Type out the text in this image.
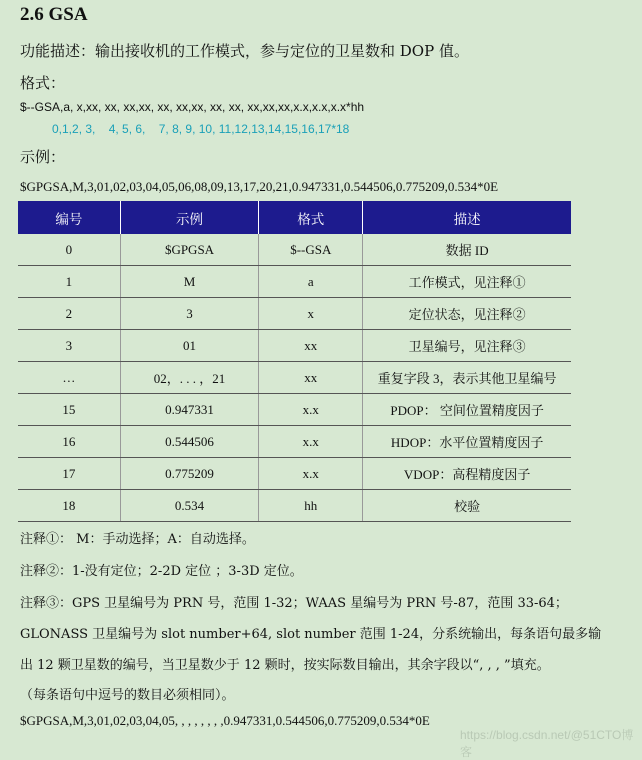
2.6 GSA
功能描述：输出接收机的工作模式，参与定位的卫星数和 DOP 值。
格式：
$--GSA,a, x,xx, xx, xx,xx, xx, xx,xx, xx, xx, xx,xx,xx,x.x,x.x,x.x*hh
0,1,2, 3,    4, 5, 6,    7, 8, 9, 10, 11,12,13,14,15,16,17*18
示例：
$GPGSA,M,3,01,02,03,04,05,06,08,09,13,17,20,21,0.947331,0.544506,0.775209,0.534*0E
编号	示例	格式	描述
0	$GPGSA	$--GSA	数据 ID
1	M	a	工作模式，见注释①
2	3	x	定位状态，见注释②
3	01	xx	卫星编号，见注释③
…	02，. . . ，21	xx	重复字段 3，表示其他卫星编号
15	0.947331	x.x	PDOP： 空间位置精度因子
16	0.544506	x.x	HDOP：水平位置精度因子
17	0.775209	x.x	VDOP：高程精度因子
18	0.534	hh	校验
注释①： M：手动选择；A：自动选择。
注释②：1-没有定位；2-2D 定位 ；3-3D 定位。
注释③：GPS 卫星编号为 PRN 号，范围 1-32；WAAS 星编号为 PRN 号-87，范围 33-64；
GLONASS 卫星编号为 slot number+64, slot number 范围 1-24，分系统输出，每条语句最多输
出 12 颗卫星数的编号，当卫星数少于 12 颗时，按实际数目输出，其余字段以“, , , ”填充。
（每条语句中逗号的数目必须相同）。
$GPGSA,M,3,01,02,03,04,05, , , , , , , ,0.947331,0.544506,0.775209,0.534*0E
https://blog.csdn.net/@51CTO博客
